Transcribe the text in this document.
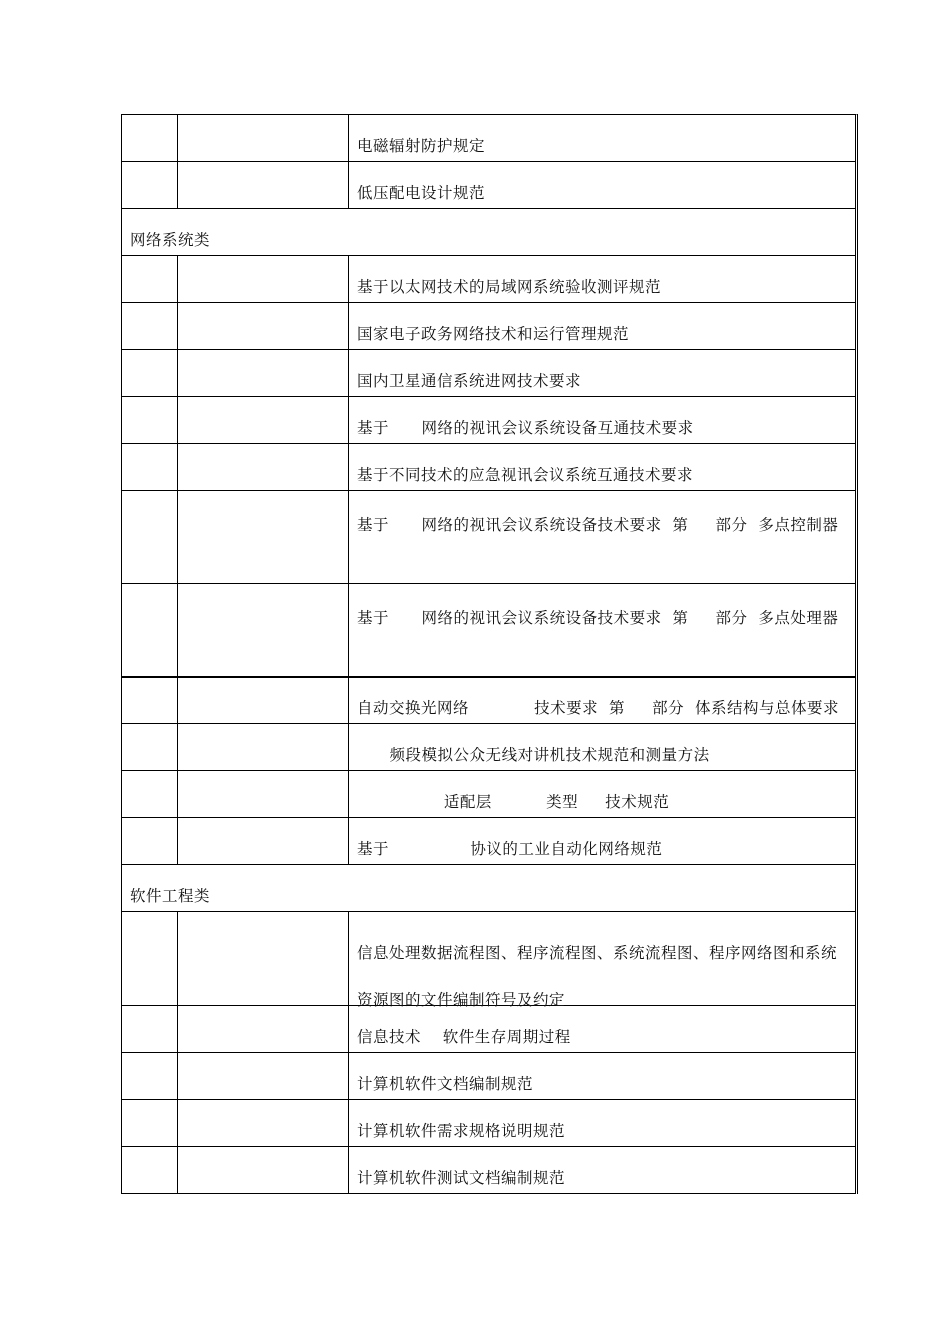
电磁辐射防护规定
低压配电设计规范
网络系统类
基于以太网技术的局域网系统验收测评规范
国家电子政务网络技术和运行管理规范
国内卫星通信系统进网技术要求
基于      网络的视讯会议系统设备互通技术要求
基于不同技术的应急视讯会议系统互通技术要求
基于      网络的视讯会议系统设备技术要求  第     部分  多点控制器
基于      网络的视讯会议系统设备技术要求  第     部分  多点处理器
自动交换光网络            技术要求  第     部分  体系结构与总体要求
频段模拟公众无线对讲机技术规范和测量方法
适配层          类型     技术规范
基于               协议的工业自动化网络规范
软件工程类
信息处理数据流程图、程序流程图、系统流程图、程序网络图和系统资源图的文件编制符号及约定
信息技术    软件生存周期过程
计算机软件文档编制规范
计算机软件需求规格说明规范
计算机软件测试文档编制规范
